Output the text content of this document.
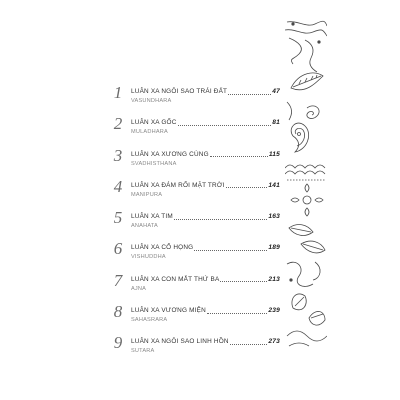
1 LUÂN XA NGÔI SAO TRÁI ĐẤT	47
VASUNDHARA
2 LUÂN XA GỐC	81
MULADHARA
3 LUÂN XA XƯƠNG CÙNG	115
SVADHISTHANA
4 LUÂN XA ĐÁM RỐI MẶT TRỜI	141
MANIPURA
5 LUÂN XA TIM	163
ANAHATA
6 LUÂN XA CỔ HỌNG	189
VISHUDDHA
7 LUÂN XA CON MẮT THỨ BA	213
AJNA
8 LUÂN XA VƯƠNG MIỆN	239
SAHASRARA
9 LUÂN XA NGÔI SAO LINH HỒN	273
SUTARA
